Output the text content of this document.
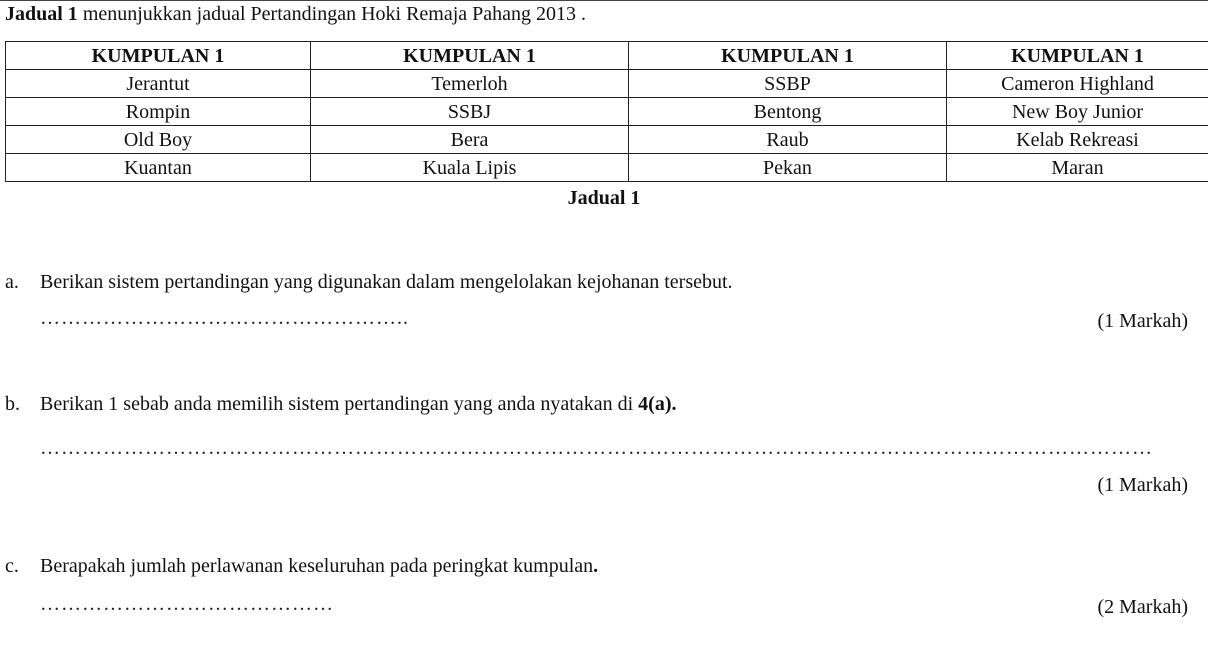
Jadual 1 menunjukkan jadual Pertandingan Hoki Remaja Pahang 2013 .
KUMPULAN 1	KUMPULAN 1	KUMPULAN 1	KUMPULAN 1
Jerantut	Temerloh	SSBP	Cameron Highland
Rompin	SSBJ	Bentong	New Boy Junior
Old Boy	Bera	Raub	Kelab Rekreasi
Kuantan	Kuala Lipis	Pekan	Maran
Jadual 1
a. Berikan sistem pertandingan yang digunakan dalam mengelolakan kejohanan tersebut.
……………………………………………..	(1 Markah)
b. Berikan 1 sebab anda memilih sistem pertandingan yang anda nyatakan di 4(a).
……………………………………………………………………………………………………………………………………………
(1 Markah)
c. Berapakah jumlah perlawanan keseluruhan pada peringkat kumpulan.
……………………………………	(2 Markah)
